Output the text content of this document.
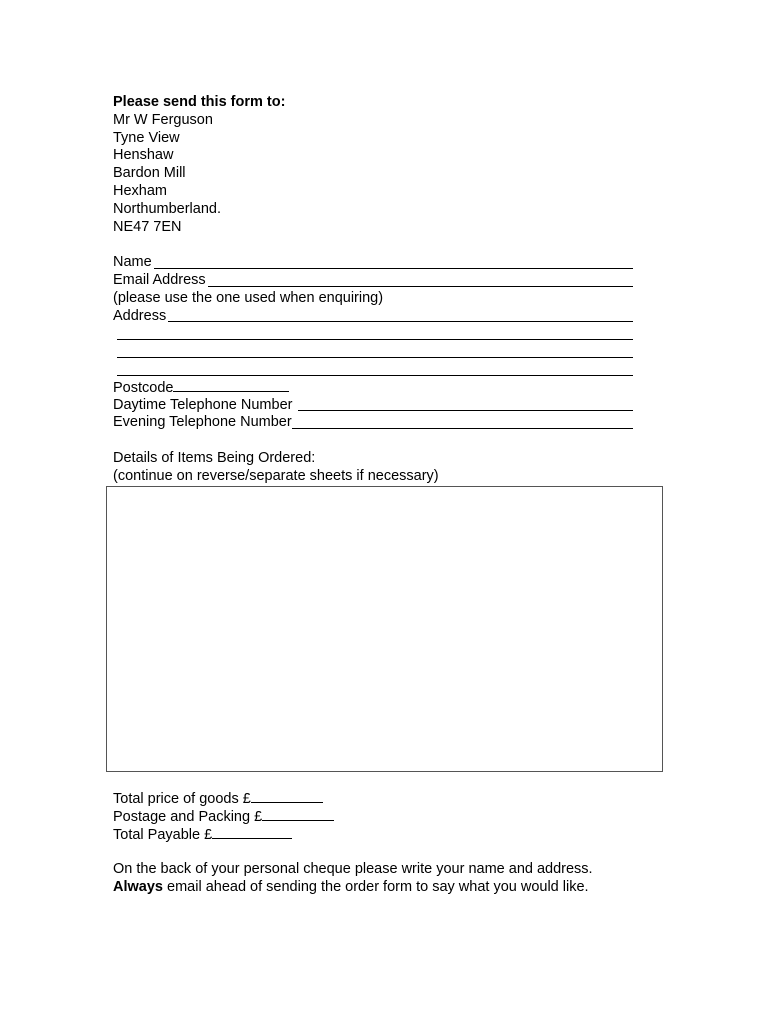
Please send this form to:
Mr W Ferguson
Tyne View
Henshaw
Bardon Mill
Hexham
Northumberland.
NE47 7EN
Name
Email Address
(please use the one used when enquiring)
Address
Postcode
Daytime Telephone Number
Evening Telephone Number
Details of Items Being Ordered:
(continue on reverse/separate sheets if necessary)
Total price of goods £
Postage and Packing £
Total Payable £
On the back of your personal cheque please write your name and address.
Always email ahead of sending the order form to say what you would like.
